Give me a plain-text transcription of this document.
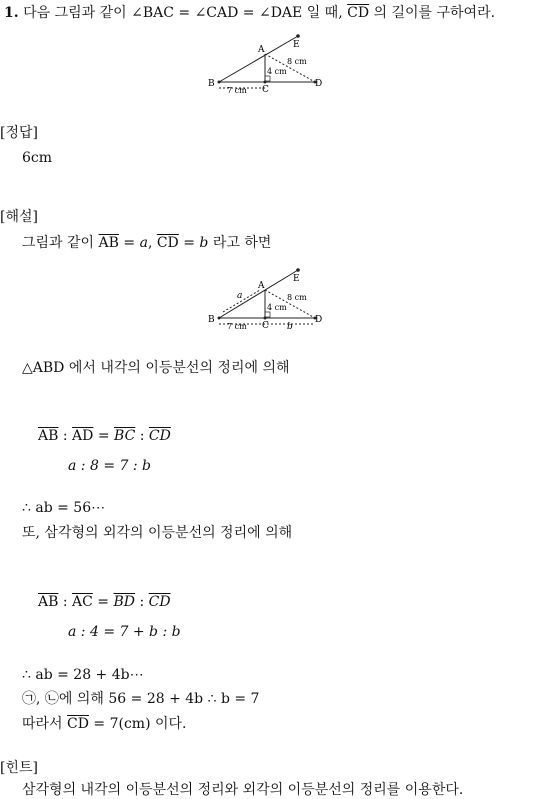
1. 다음 그림과 같이 ∠BAC = ∠CAD = ∠DAE 일 때, $\overline{CD}$ 의 길이를 구하여라.
A
B
C
D
E
8 cm
4 cm
7 cm
[정답]
6cm
[해설]
그림과 같이 $\overline{AB} = a$, $\overline{CD} = b$ 라고 하면
A
B
C
D
E
8 cm
4 cm
7 cm
a
b
△ABD 에서 내각의 이등분선의 정리에 의해
$\overline{AB}$ : $\overline{AD} = \overline{BC}$ : $\overline{CD}$
a : 8 = 7 : b
∴ ab = 56⋯
또, 삼각형의 외각의 이등분선의 정리에 의해
$\overline{AB}$ : $\overline{AC} = \overline{BD}$ : $\overline{CD}$
a : 4 = 7 + b : b
∴ ab = 28 + 4b⋯
㉠, ㉡에 의해 56 = 28 + 4b ∴ b = 7
따라서 $\overline{CD} = 7(cm)$ 이다.
[힌트]
삼각형의 내각의 이등분선의 정리와 외각의 이등분선의 정리를 이용한다.
